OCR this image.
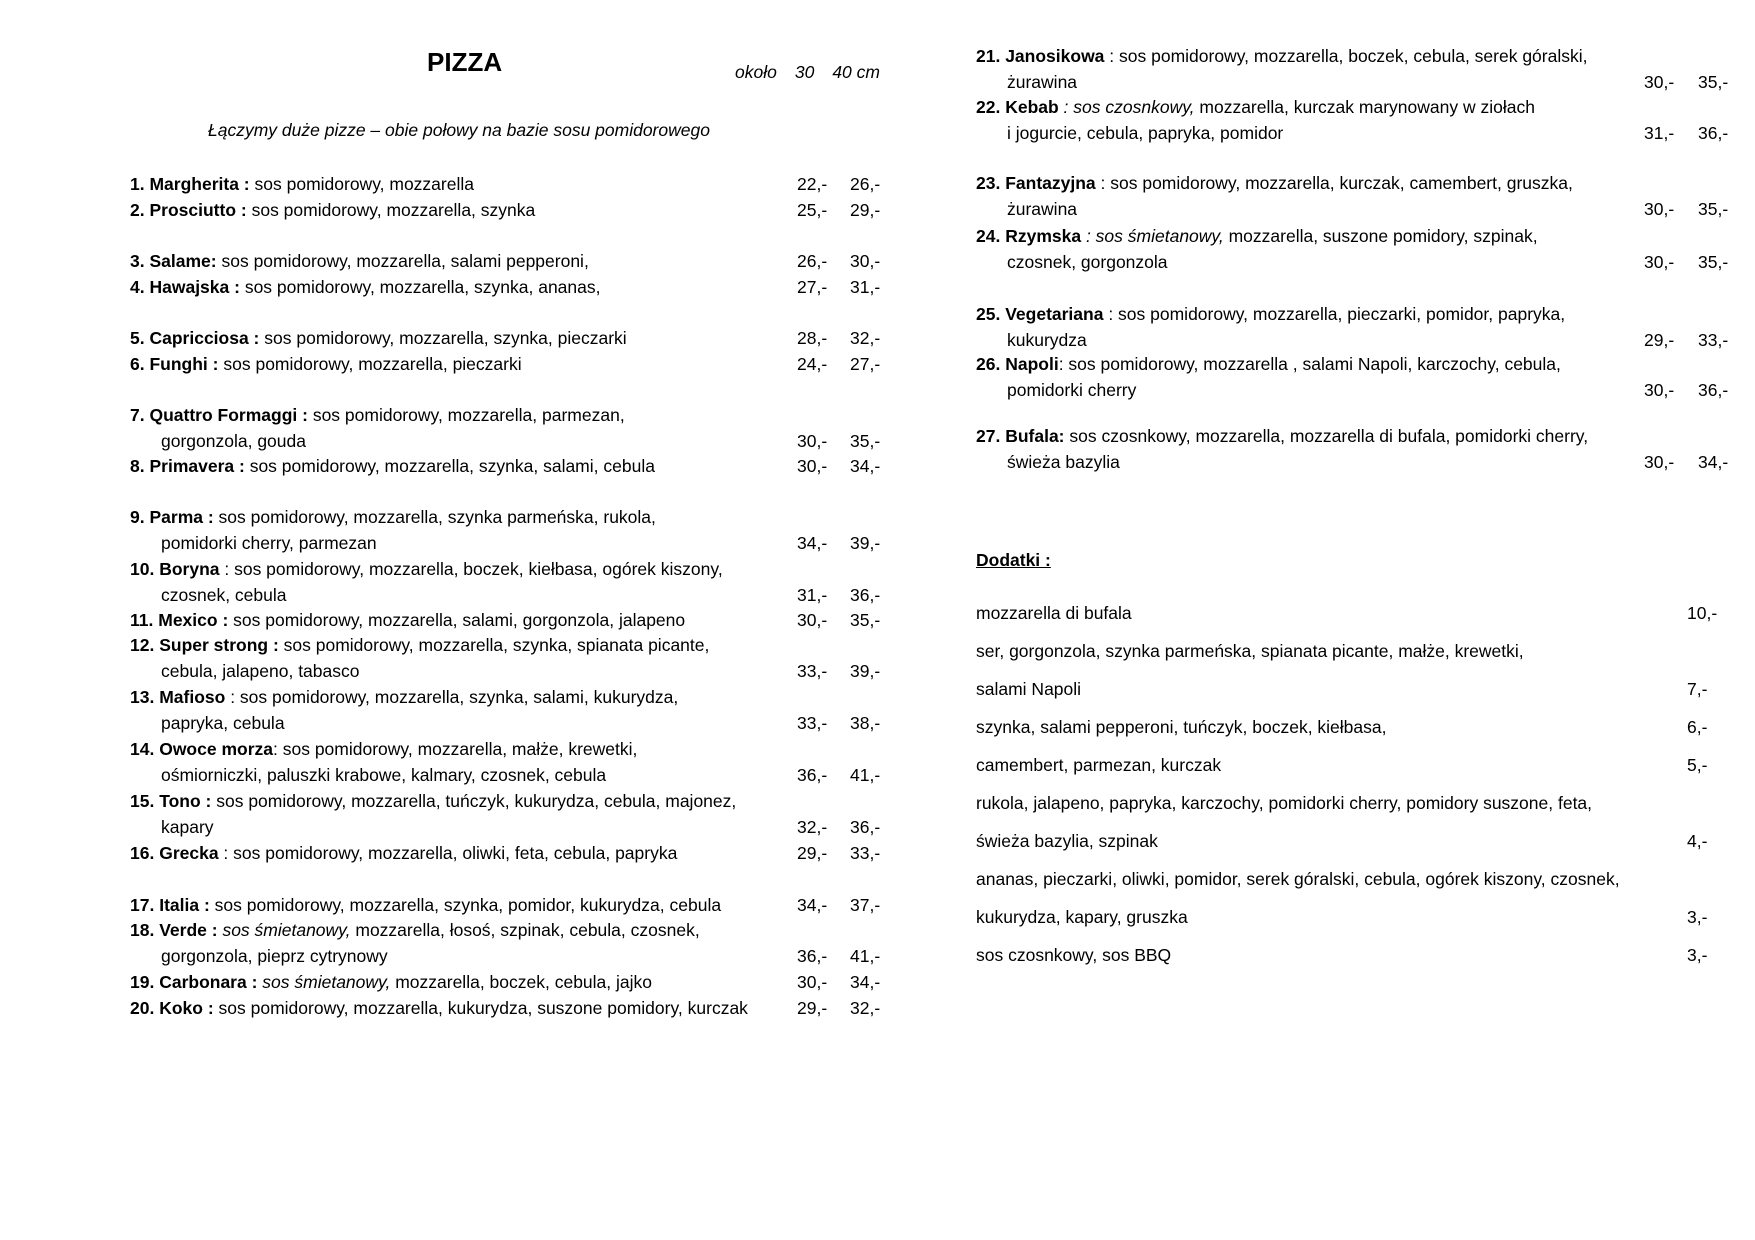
PIZZA	około 30 40 cm
Łączymy duże pizze – obie połowy na bazie sosu pomidorowego
1. Margherita : sos pomidorowy, mozzarella	22,- 26,-
2. Prosciutto : sos pomidorowy, mozzarella, szynka	25,- 29,-
3. Salame: sos pomidorowy, mozzarella, salami pepperoni,	26,- 30,-
4. Hawajska : sos pomidorowy, mozzarella, szynka, ananas,	27,- 31,-
5. Capricciosa : sos pomidorowy, mozzarella, szynka, pieczarki	28,- 32,-
6. Funghi : sos pomidorowy, mozzarella, pieczarki	24,- 27,-
7. Quattro Formaggi : sos pomidorowy, mozzarella, parmezan,
gorgonzola, gouda	30,- 35,-
8. Primavera : sos pomidorowy, mozzarella, szynka, salami, cebula	30,- 34,-
9. Parma : sos pomidorowy, mozzarella, szynka parmeńska, rukola,
pomidorki cherry, parmezan	34,- 39,-
10. Boryna : sos pomidorowy, mozzarella, boczek, kiełbasa, ogórek kiszony,
czosnek, cebula	31,- 36,-
11. Mexico : sos pomidorowy, mozzarella, salami, gorgonzola, jalapeno	30,- 35,-
12. Super strong : sos pomidorowy, mozzarella, szynka, spianata picante,
cebula, jalapeno, tabasco	33,- 39,-
13. Mafioso : sos pomidorowy, mozzarella, szynka, salami, kukurydza,
papryka, cebula	33,- 38,-
14. Owoce morza: sos pomidorowy, mozzarella, małże, krewetki,
ośmiorniczki, paluszki krabowe, kalmary, czosnek, cebula	36,- 41,-
15. Tono : sos pomidorowy, mozzarella, tuńczyk, kukurydza, cebula, majonez,
kapary	32,- 36,-
16. Grecka : sos pomidorowy, mozzarella, oliwki, feta, cebula, papryka	29,- 33,-
17. Italia : sos pomidorowy, mozzarella, szynka, pomidor, kukurydza, cebula	34,- 37,-
18. Verde : sos śmietanowy, mozzarella, łosoś, szpinak, cebula, czosnek,
gorgonzola, pieprz cytrynowy	36,- 41,-
19. Carbonara : sos śmietanowy, mozzarella, boczek, cebula, jajko	30,- 34,-
20. Koko : sos pomidorowy, mozzarella, kukurydza, suszone pomidory, kurczak	29,- 32,-
Dodatki :
21. Janosikowa : sos pomidorowy, mozzarella, boczek, cebula, serek góralski,
żurawina	30,- 35,-
22. Kebab : sos czosnkowy, mozzarella, kurczak marynowany w ziołach
i jogurcie, cebula, papryka, pomidor	31,- 36,-
23. Fantazyjna : sos pomidorowy, mozzarella, kurczak, camembert, gruszka,
żurawina	30,- 35,-
24. Rzymska : sos śmietanowy, mozzarella, suszone pomidory, szpinak,
czosnek, gorgonzola	30,- 35,-
25. Vegetariana : sos pomidorowy, mozzarella, pieczarki, pomidor, papryka,
kukurydza	29,- 33,-
26. Napoli: sos pomidorowy, mozzarella , salami Napoli, karczochy, cebula,
pomidorki cherry	30,- 36,-
27. Bufala: sos czosnkowy, mozzarella, mozzarella di bufala, pomidorki cherry,
świeża bazylia	30,- 34,-
mozzarella di bufala	10,-
ser, gorgonzola, szynka parmeńska, spianata picante, małże, krewetki,
salami Napoli	7,-
szynka, salami pepperoni, tuńczyk, boczek, kiełbasa,	6,-
camembert, parmezan, kurczak	5,-
rukola, jalapeno, papryka, karczochy, pomidorki cherry, pomidory suszone, feta,
świeża bazylia, szpinak	4,-
ananas, pieczarki, oliwki, pomidor, serek góralski, cebula, ogórek kiszony, czosnek,
kukurydza, kapary, gruszka	3,-
sos czosnkowy, sos BBQ	3,-
